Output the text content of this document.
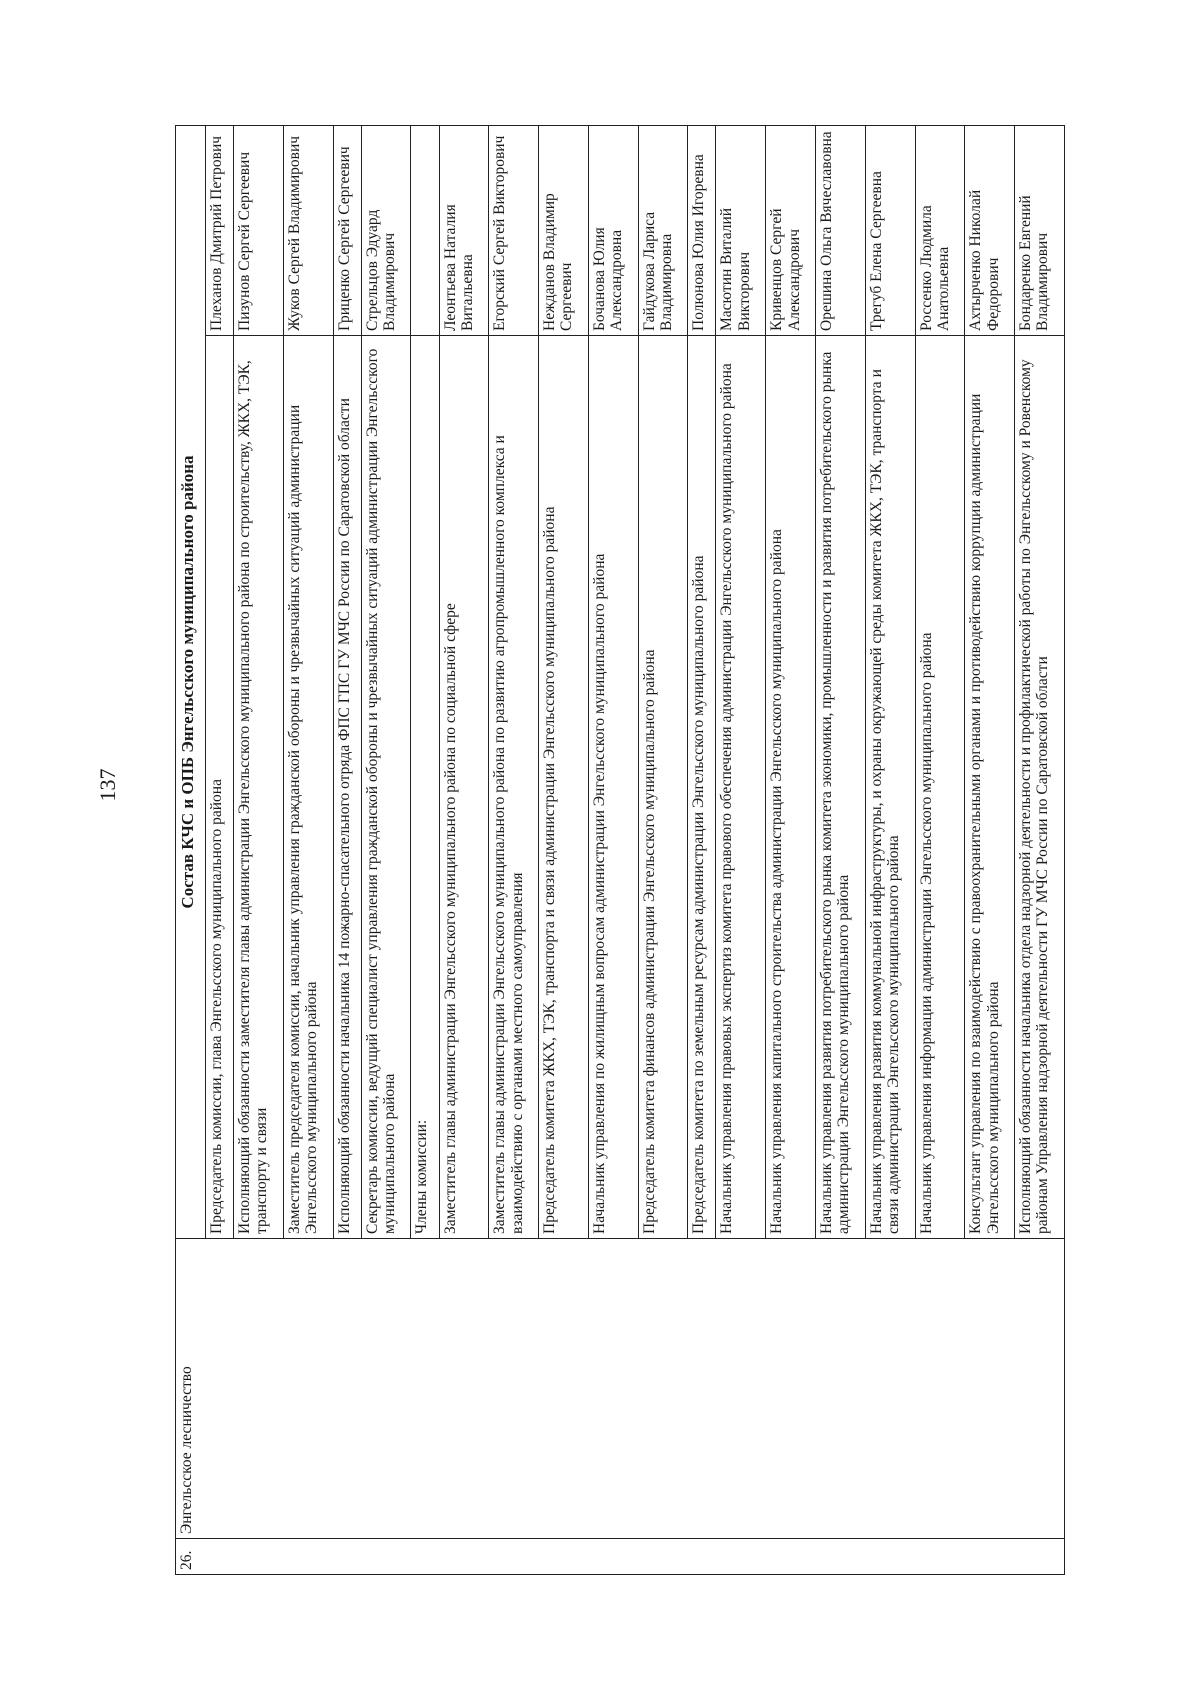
137
26.	Энгельсское лесничество	Состав КЧС и ОПБ Энгельсского муниципального района	
		Председатель комиссии, глава Энгельсского муниципального района	Плеханов Дмитрий Петрович
		Исполняющий обязанности заместителя главы администрации Энгельсского муниципального района по строительству, ЖКХ, ТЭК, транспорту и связи	Пизунов Сергей Сергеевич
		Заместитель председателя комиссии, начальник управления гражданской обороны и чрезвычайных ситуаций администрации Энгельсского муниципального района	Жуков Сергей Владимирович
		Исполняющий обязанности начальника 14 пожарно-спасательного отряда ФПС ГПС ГУ МЧС России по Саратовской области	Гриценко Сергей Сергеевич
		Секретарь комиссии, ведущий специалист управления гражданской обороны и чрезвычайных ситуаций администрации Энгельсского муниципального района	Стрельцов Эдуард Владимирович
		Члены комиссии:	
		Заместитель главы администрации Энгельсского муниципального района по социальной сфере	Леонтьева Наталия Витальевна
		Заместитель главы администрации Энгельсского муниципального района по развитию агропромышленного комплекса и взаимодействию с органами местного самоуправления	Егорский Сергей Викторович
		Председатель комитета ЖКХ, ТЭК, транспорта и связи администрации Энгельсского муниципального района	Нежданов Владимир Сергеевич
		Начальник управления по жилищным вопросам администрации Энгельсского муниципального района	Бочанова Юлия Александровна
		Председатель комитета финансов администрации Энгельсского муниципального района	Гайдукова Лариса Владимировна
		Председатель комитета по земельным ресурсам администрации Энгельсского муниципального района	Полюнова Юлия Игоревна
		Начальник управления правовых экспертиз комитета правового обеспечения администрации Энгельсского муниципального района	Масютин Виталий Викторович
		Начальник управления капитального строительства администрации Энгельсского муниципального района	Кривенцов Сергей Александрович
		Начальник управления развития потребительского рынка комитета экономики, промышленности и развития потребительского рынка администрации Энгельсского муниципального района	Орешина Ольга Вячеславовна
		Начальник управления развития коммунальной инфраструктуры, и охраны окружающей среды комитета ЖКХ, ТЭК, транспорта и связи администрации Энгельсского муниципального района	Трегуб Елена Сергеевна
		Начальник управления информации администрации Энгельсского муниципального района	Россенко Людмила Анатольевна
		Консультант управления по взаимодействию с правоохранительными органами и противодействию коррупции администрации Энгельсского муниципального района	Ахтырченко Николай Федорович
		Исполняющий обязанности начальника отдела надзорной деятельности и профилактической работы по Энгельсскому и Ровенскому районам Управления надзорной деятельности ГУ МЧС России по Саратовской области	Бондаренко Евгений Владимирович
